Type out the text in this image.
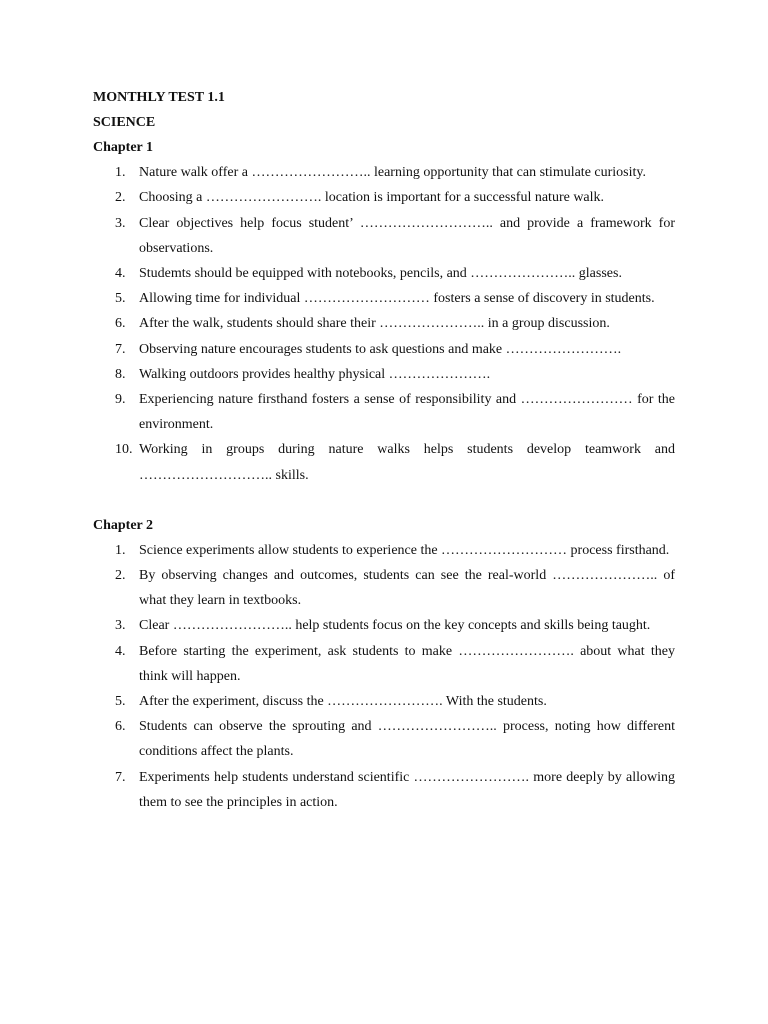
MONTHLY TEST 1.1

SCIENCE

Chapter 1

1. Nature walk offer a …………………….. learning opportunity that can stimulate curiosity.
2. Choosing a ……………………. location is important for a successful nature walk.
3. Clear objectives help focus student’ ……………………….. and provide a framework for observations.
4. Studemts should be equipped with notebooks, pencils, and ………………….. glasses.
5. Allowing time for individual ……………………… fosters a sense of discovery in students.
6. After the walk, students should share their ………………….. in a group discussion.
7. Observing nature encourages students to ask questions and make …………………….
8. Walking outdoors provides healthy physical ………………….
9. Experiencing nature firsthand fosters a sense of responsibility and …………………… for the environment.
10. Working in groups during nature walks helps students develop teamwork and ……………………….. skills.

Chapter 2

1. Science experiments allow students to experience the ……………………… process firsthand.
2. By observing changes and outcomes, students can see the real-world ………………….. of what they learn in textbooks.
3. Clear …………………….. help students focus on the key concepts and skills being taught.
4. Before starting the experiment, ask students to make ……………………. about what they think will happen.
5. After the experiment, discuss the ……………………. With the students.
6. Students can observe the sprouting and …………………….. process, noting how different conditions affect the plants.
7. Experiments help students understand scientific ……………………. more deeply by allowing them to see the principles in action.
